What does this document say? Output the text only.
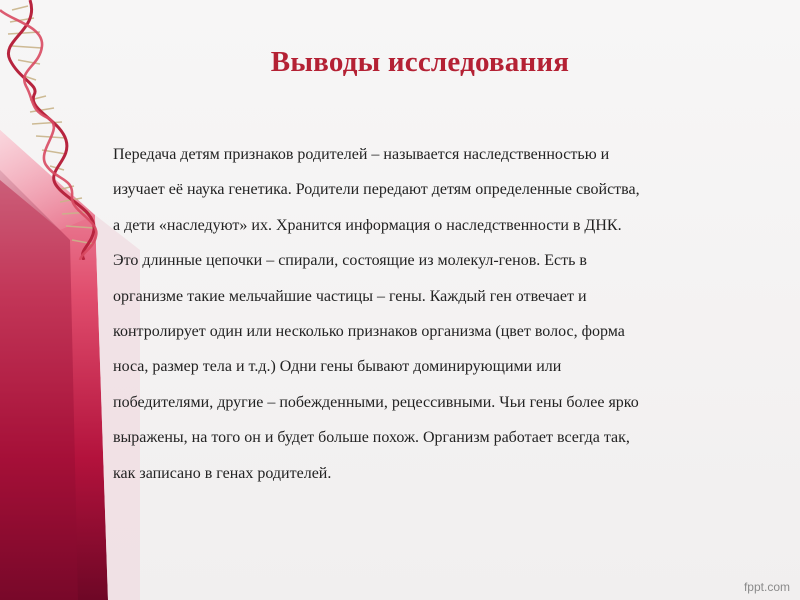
Выводы исследования

Передача детям признаков родителей – называется наследственностью и
изучает её наука генетика. Родители передают детям определенные свойства,
а дети «наследуют» их. Хранится информация о наследственности в ДНК.
Это длинные цепочки – спирали, состоящие из молекул-генов. Есть в
организме такие мельчайшие частицы – гены. Каждый ген отвечает и
контролирует один или несколько признаков организма (цвет волос, форма
носа, размер тела и т.д.) Одни гены бывают доминирующими или
победителями, другие – побежденными, рецессивными. Чьи гены более ярко
выражены, на того он и будет больше похож. Организм работает всегда так,
как записано в генах родителей.

fppt.com
